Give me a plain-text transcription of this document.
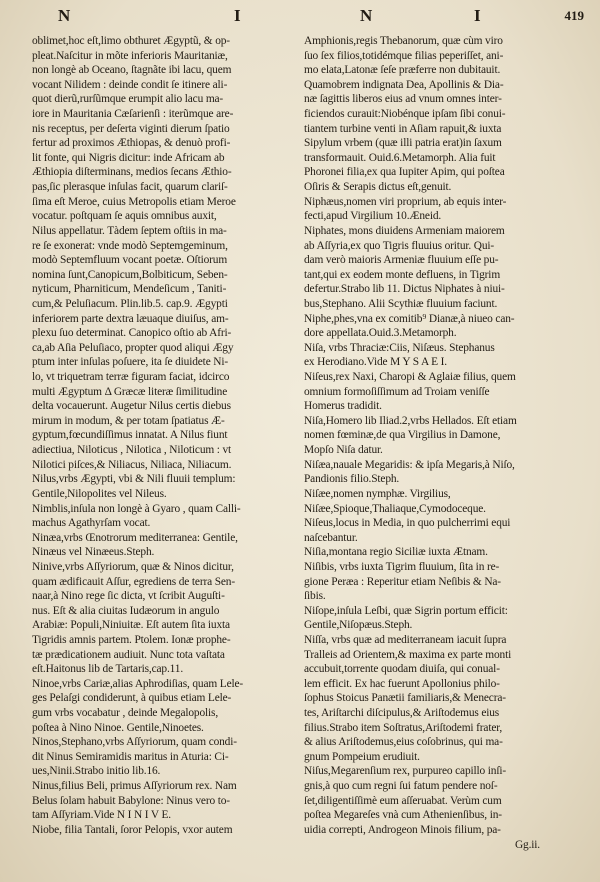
N	I	N	I	419
oblimet,hoc eſt,limo obthuret Ægyptũ, & op-
pleat.Naſcitur in mõte inferioris Mauritaniæ,
non longè ab Oceano, ſtagnãte ibi lacu, quem
vocant Nilidem : deinde condit ſe itinere ali-
quot dierũ,rurſũmque erumpit alio lacu ma-
iore in Mauritania Cæſarienſi : iterũmque are-
nis receptus, per deſerta viginti dierum ſpatio
fertur ad proximos Æthiopas, & denuò profi-
lit fonte, qui Nigris dicitur: inde Africam ab
Æthiopia diſterminans, medios ſecans Æthio-
pas,ſic plerasque inſulas facit, quarum clariſ-
ſima eſt Meroe, cuius Metropolis etiam Meroe
vocatur. poſtquam ſe aquis omnibus auxit,
Nilus appellatur. Tàdem ſeptem oſtiis in ma-
re ſe exonerat: vnde modò Septemgeminum,
modò Septemfluum vocant poetæ. Oſtiorum
nomina ſunt,Canopicum,Bolbiticum, Seben-
nyticum, Pharniticum, Mendeſicum , Taniti-
cum,& Peluſiacum. Plin.lib.5. cap.9. Ægypti
inferiorem parte dextra læuaque diuiſus, am-
plexu ſuo determinat. Canopico oſtio ab Afri-
ca,ab Aſia Peluſiaco, propter quod aliqui Ægy
ptum inter inſulas poſuere, ita ſe diuidete Ni-
lo, vt triquetram terræ figuram faciat, idcirco
multi Ægyptum Δ Græcæ literæ ſimilitudine
delta vocauerunt. Augetur Nilus certis diebus
mirum in modum, & per totam ſpatiatus Æ-
gyptum,fœcundiſſimus innatat. A Nilus fiunt
adiectiua, Niloticus , Nilotica , Niloticum : vt
Nilotici piſces,& Niliacus, Niliaca, Niliacum.
Nilus,vrbs Ægypti, vbi & Nili fluuii templum:
Gentile,Nilopolites vel Nileus.
Nimblis,inſula non longè à Gyaro , quam Calli-
machus Agathyrſam vocat.
Ninæa,vrbs Œnotrorum mediterranea: Gentile,
Ninæus vel Ninæeus.Steph.
Ninive,vrbs Aſſyriorum, quæ & Ninos dicitur,
quam ædificauit Aſſur, egrediens de terra Sen-
naar,à Nino rege ſic dicta, vt ſcribit Auguſti-
nus. Eſt & alia ciuitas Iudæorum in angulo
Arabiæ: Populi,Niniuitæ. Eſt autem ſita iuxta
Tigridis amnis partem. Ptolem. Ionæ prophe-
tæ prædicationem audiuit. Nunc tota vaſtata
eſt.Haitonus lib de Tartaris,cap.11.
Ninoe,vrbs Cariæ,alias Aphrodiſias, quam Lele-
ges Pelaſgi condiderunt, à quibus etiam Lele-
gum vrbs vocabatur , deinde Megalopolis,
poſtea à Nino Ninoe. Gentile,Ninoetes.
Ninos,Stephano,vrbs Aſſyriorum, quam condi-
dit Ninus Semiramidis maritus in Aturia: Ci-
ues,Ninii.Strabo initio lib.16.
Ninus,filius Beli, primus Aſſyriorum rex. Nam
Belus ſolam habuit Babylone: Ninus vero to-
tam Aſſyriam.Vide N I N I V E.
Niobe, filia Tantali, ſoror Pelopis, vxor autem
Amphionis,regis Thebanorum, quæ cùm viro
ſuo ſex filios,totidémque filias peperiſſet, ani-
mo elata,Latonæ ſeſe præferre non dubitauit.
Quamobrem indignata Dea, Apollinis & Dia-
næ ſagittis liberos eius ad vnum omnes inter-
ficiendos curauit:Niobénque ipſam ſibi conui-
tiantem turbine venti in Aſiam rapuit,& iuxta
Sipylum vrbem (quæ illi patria erat)in ſaxum
transformauit. Ouid.6.Metamorph. Alia fuit
Phoronei filia,ex qua Iupiter Apim, qui poſtea
Oſiris & Serapis dictus eſt,genuit.
Niphæus,nomen viri proprium, ab equis inter-
fecti,apud Virgilium 10.Æneid.
Niphates, mons diuidens Armeniam maiorem
ab Aſſyria,ex quo Tigris fluuius oritur. Qui-
dam verò maioris Armeniæ fluuium eſſe pu-
tant,qui ex eodem monte defluens, in Tigrim
defertur.Strabo lib 11. Dictus Niphates à niui-
bus,Stephano. Alii Scythiæ fluuium faciunt.
Niphe,phes,vna ex comitib⁹ Dianæ,à niueo can-
dore appellata.Ouid.3.Metamorph.
Niſa, vrbs Thraciæ:Ciis, Niſæus. Stephanus
ex Herodiano.Vide M Y S A E I.
Niſeus,rex Naxi, Charopi & Aglaiæ filius, quem
omnium formoſiſſimum ad Troiam veniſſe
Homerus tradidit.
Niſa,Homero lib Iliad.2,vrbs Hellados. Eſt etiam
nomen fœminæ,de qua Virgilius in Damone,
Mopſo Niſa datur.
Niſæa,nauale Megaridis: & ipſa Megaris,à Niſo,
Pandionis filio.Steph.
Niſæe,nomen nymphæ. Virgilius,
Niſæe,Spioque,Thaliaque,Cymodoceque.
Niſeus,locus in Media, in quo pulcherrimi equi
naſcebantur.
Niſia,montana regio Siciliæ iuxta Ætnam.
Niſibis, vrbs iuxta Tigrim fluuium, ſita in re-
gione Peræa : Reperitur etiam Neſibis & Na-
ſibis.
Niſope,inſula Leſbi, quæ Sigrin portum efficit:
Gentile,Niſopæus.Steph.
Niſſa, vrbs quæ ad mediterraneam iacuit ſupra
Tralleis ad Orientem,& maxima ex parte monti
accubuit,torrente quodam diuiſa, qui conual-
lem efficit. Ex hac fuerunt Apollonius philo-
ſophus Stoicus Panætii familiaris,& Menecra-
tes, Ariſtarchi diſcipulus,& Ariſtodemus eius
filius.Strabo item Soſtratus,Ariſtodemi frater,
& alius Ariſtodemus,eius coſobrinus, qui ma-
gnum Pompeium erudiuit.
Niſus,Megarenſium rex, purpureo capillo inſi-
gnis,à quo cum regni ſui fatum pendere noſ-
ſet,diligentiſſimè eum aſſeruabat. Verùm cum
poſtea Megareſes vnà cum Athenienſibus, in-
uidia correpti, Androgeon Minois filium, pa-
Gg.ii.
